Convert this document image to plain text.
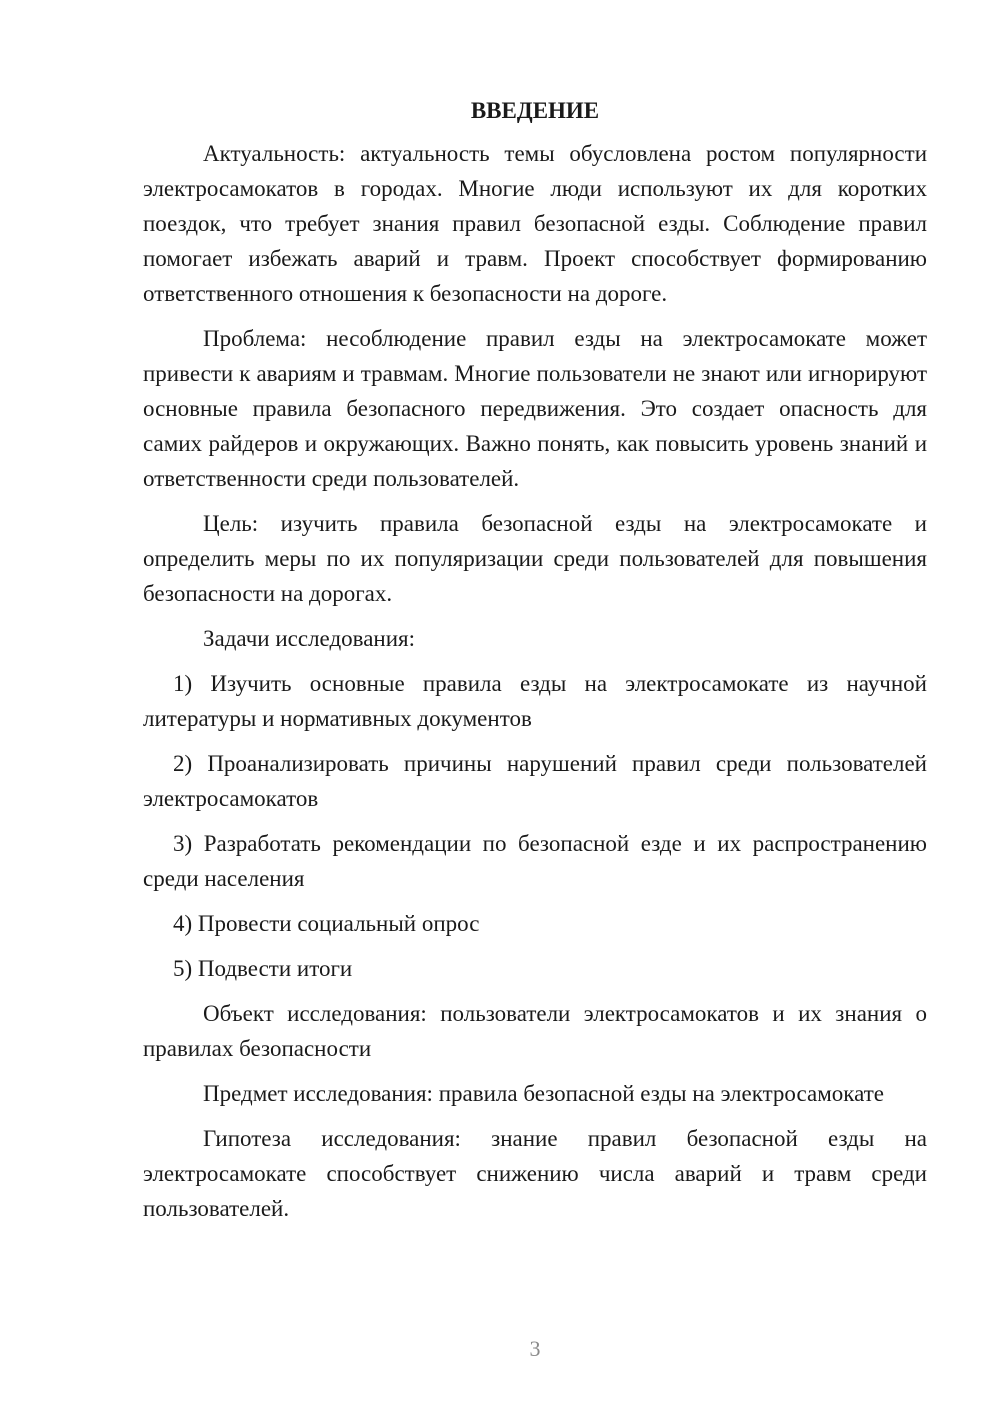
ВВЕДЕНИЕ

Актуальность: актуальность темы обусловлена ростом популярности электросамокатов в городах. Многие люди используют их для коротких поездок, что требует знания правил безопасной езды. Соблюдение правил помогает избежать аварий и травм. Проект способствует формированию ответственного отношения к безопасности на дороге.

Проблема: несоблюдение правил езды на электросамокате может привести к авариям и травмам. Многие пользователи не знают или игнорируют основные правила безопасного передвижения. Это создает опасность для самих райдеров и окружающих. Важно понять, как повысить уровень знаний и ответственности среди пользователей.

Цель: изучить правила безопасной езды на электросамокате и определить меры по их популяризации среди пользователей для повышения безопасности на дорогах.

Задачи исследования:

1) Изучить основные правила езды на электросамокате из научной литературы и нормативных документов

2) Проанализировать причины нарушений правил среди пользователей электросамокатов

3) Разработать рекомендации по безопасной езде и их распространению среди населения

4) Провести социальный опрос

5) Подвести итоги

Объект исследования: пользователи электросамокатов и их знания о правилах безопасности

Предмет исследования: правила безопасной езды на электросамокате

Гипотеза исследования: знание правил безопасной езды на электросамокате способствует снижению числа аварий и травм среди пользователей.

3
